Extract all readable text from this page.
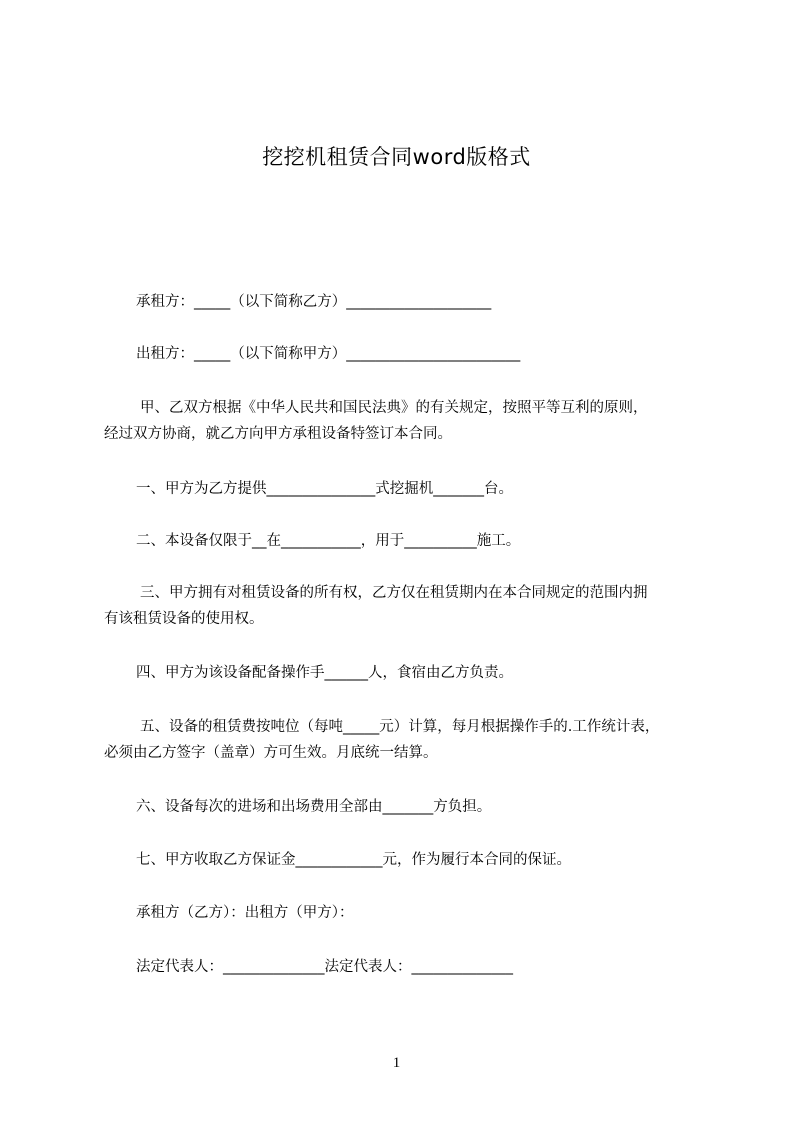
挖挖机租赁合同word版格式
承租方：_____（以下简称乙方）____________________
出租方：_____（以下简称甲方）________________________
甲、乙双方根据《中华人民共和国民法典》的有关规定，按照平等互利的原则，
经过双方协商，就乙方向甲方承租设备特签订本合同。
一、甲方为乙方提供_______________式挖掘机_______台。
二、本设备仅限于__在___________，用于__________施工。
三、甲方拥有对租赁设备的所有权，乙方仅在租赁期内在本合同规定的范围内拥
有该租赁设备的使用权。
四、甲方为该设备配备操作手______人，食宿由乙方负责。
五、设备的租赁费按吨位（每吨_____元）计算，每月根据操作手的.工作统计表，
必须由乙方签字（盖章）方可生效。月底统一结算。
六、设备每次的进场和出场费用全部由_______方负担。
七、甲方收取乙方保证金____________元，作为履行本合同的保证。
承租方（乙方）：出租方（甲方）：
法定代表人：______________法定代表人：______________
1
